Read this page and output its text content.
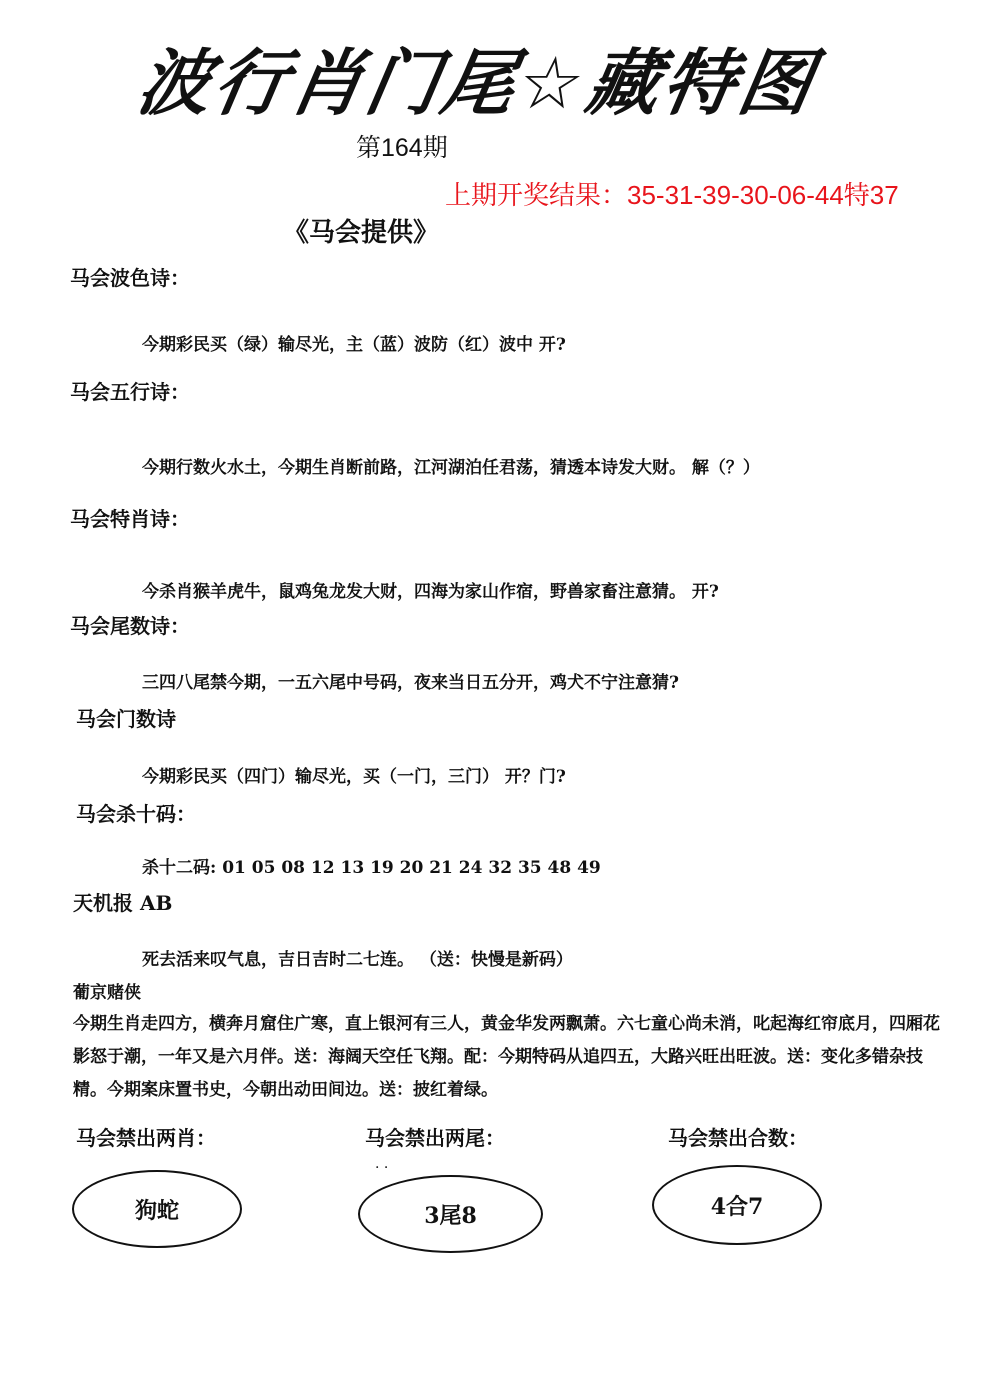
波行肖门尾☆藏特图
第164期
上期开奖结果：35-31-39-30-06-44特37
《马会提供》
马会波色诗：
今期彩民买（绿）输尽光，主（蓝）波防（红）波中 开?
马会五行诗：
今期行数火水土，今期生肖断前路，江河湖泊任君荡，猜透本诗发大财。 解（？）
马会特肖诗：
今杀肖猴羊虎牛，鼠鸡兔龙发大财，四海为家山作宿，野兽家畜注意猜。 开?
马会尾数诗：
三四八尾禁今期，一五六尾中号码，夜来当日五分开，鸡犬不宁注意猜?
马会门数诗
今期彩民买（四门）输尽光，买（一门，三门） 开？门?
马会杀十码：
杀十二码: 01 05 08 12 13 19 20 21 24 32 35 48 49
天机报 AB
死去活来叹气息，吉日吉时二七连。 （送：快慢是新码）
葡京赌侠
今期生肖走四方，横奔月窟住广寒，直上银河有三人，黄金华发两飘萧。六七童心尚未消，叱起海红帘底月，四厢花影怒于潮，一年又是六月伴。送：海阔天空任飞翔。配：今期特码从追四五，大路兴旺出旺波。送：变化多错杂技精。今期案床置书史，今朝出动田间边。送：披红着绿。
马会禁出两肖：	马会禁出两尾：	马会禁出合数：
· ·
狗蛇	3尾8	4合7
